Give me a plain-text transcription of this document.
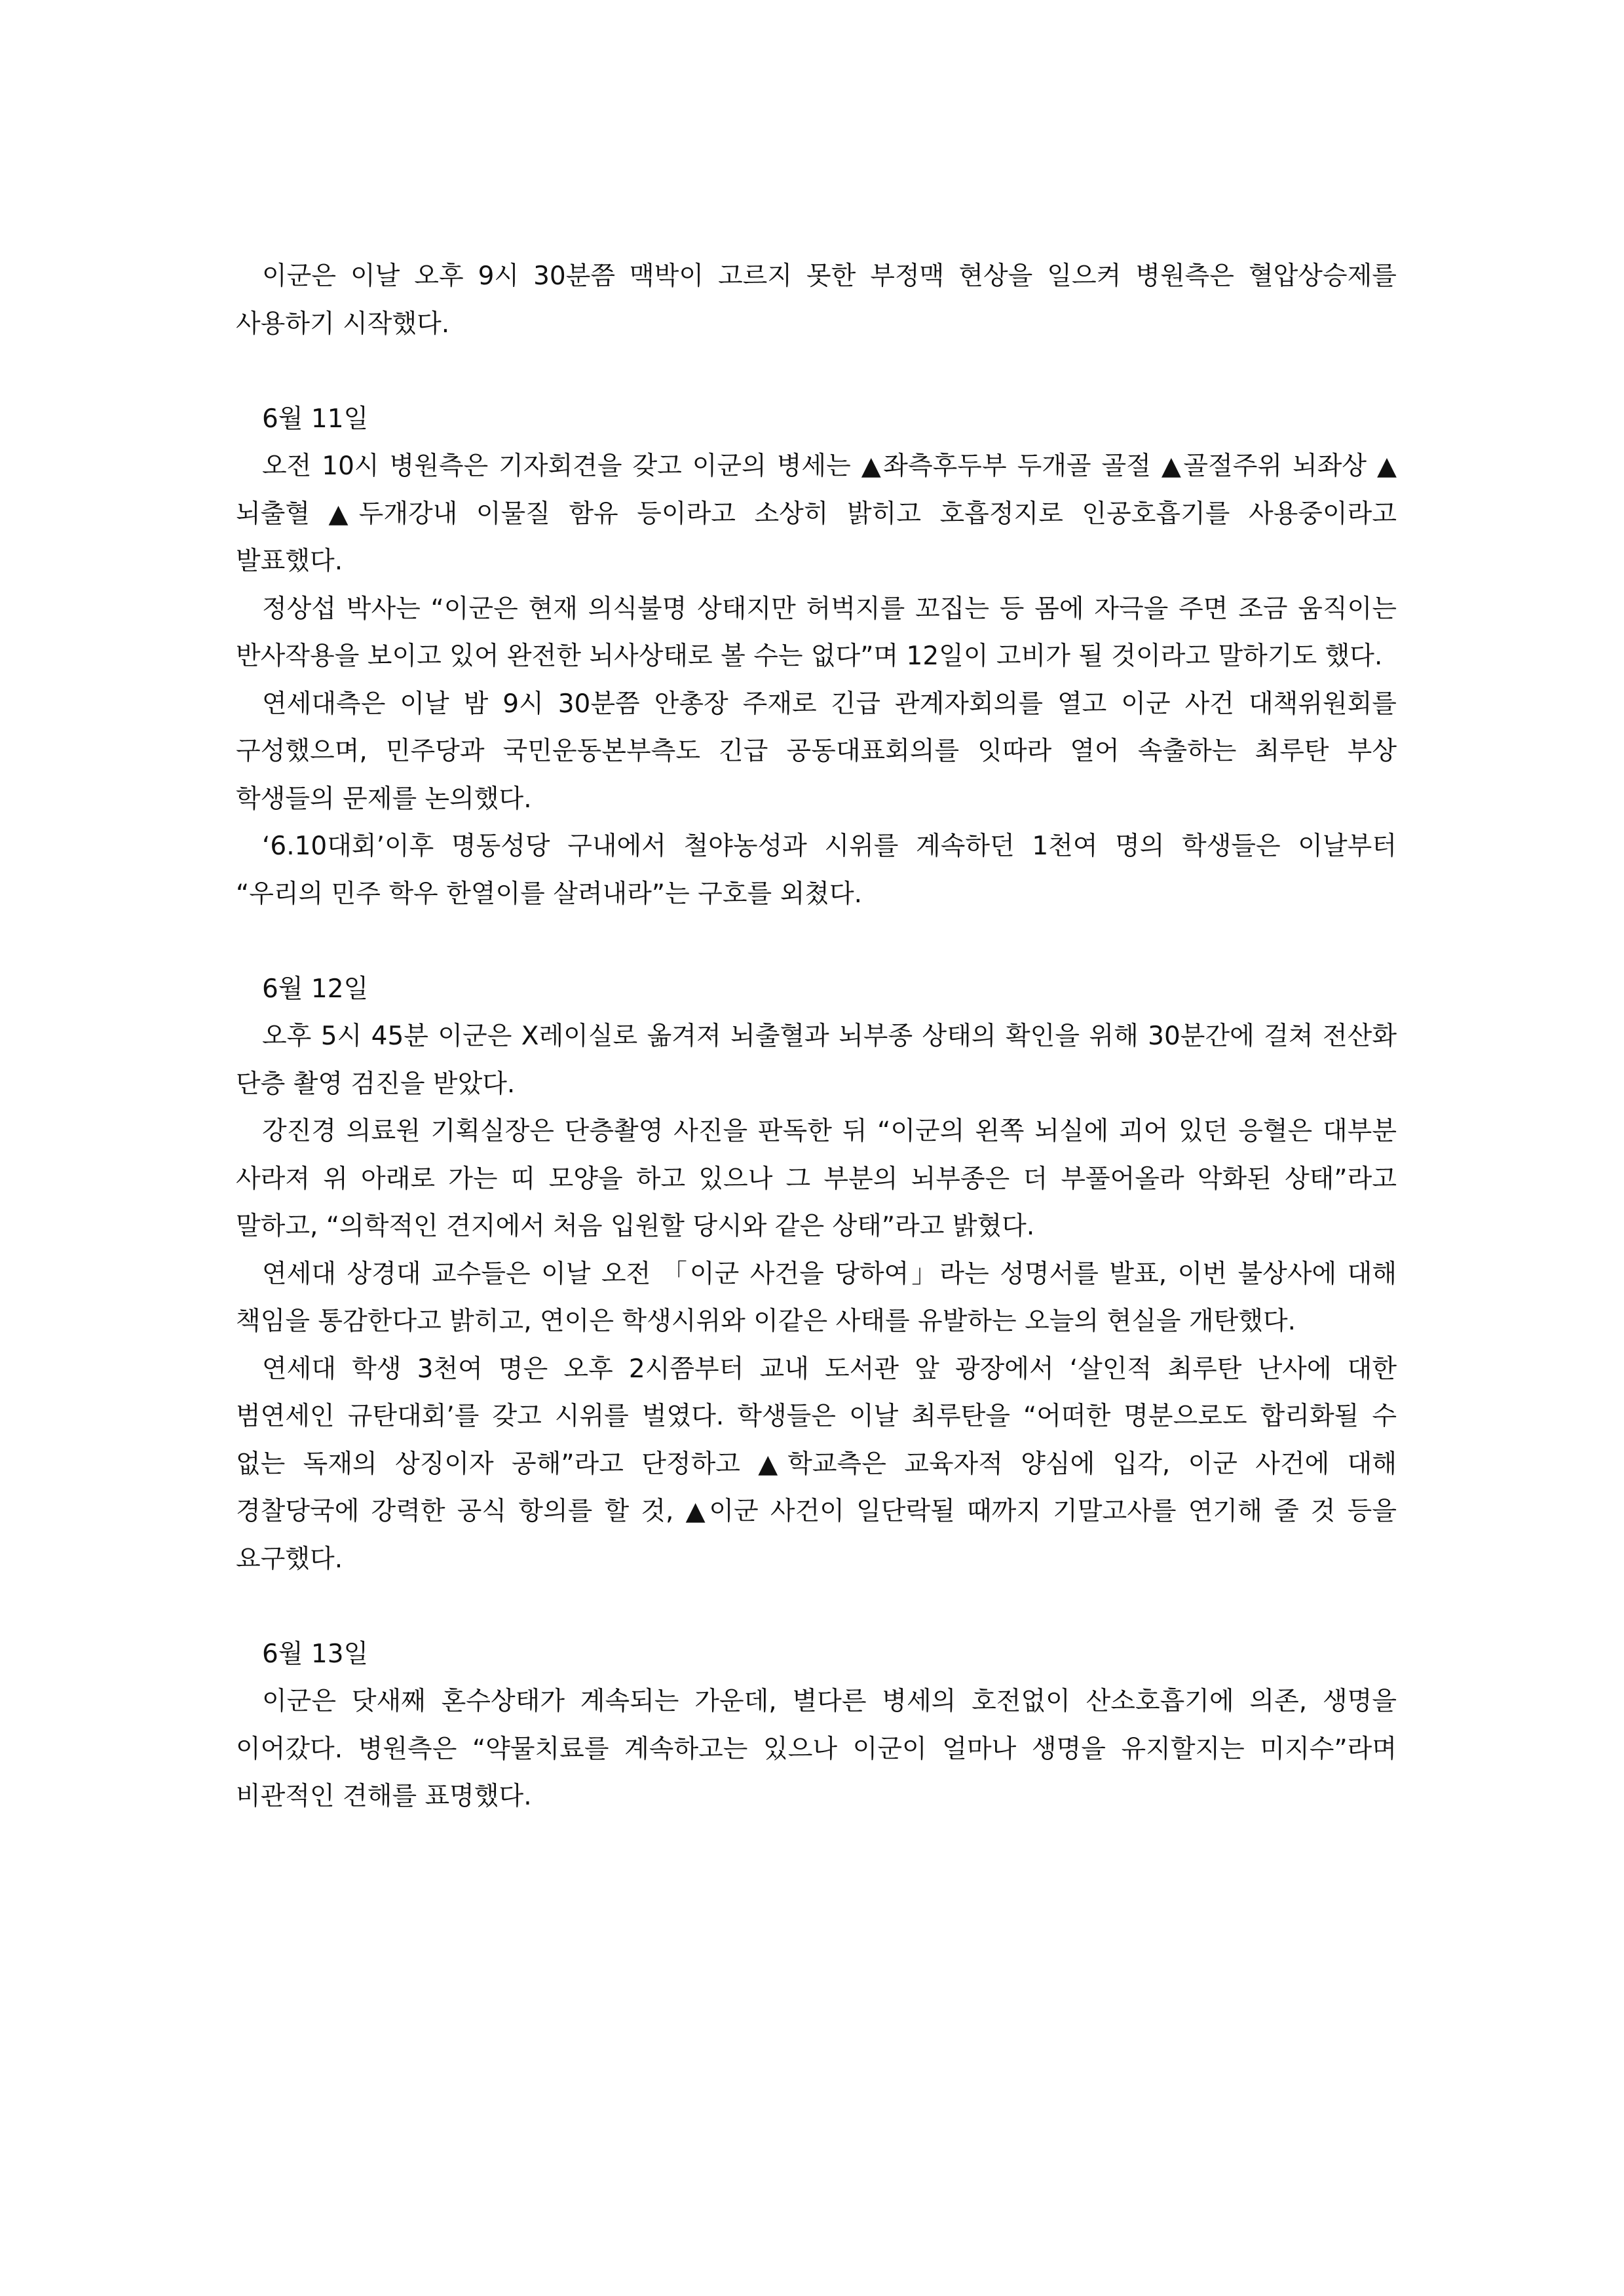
이군은 이날 오후 9시 30분쯤 맥박이 고르지 못한 부정맥 현상을 일으켜 병원측은 혈압상승제를 사용하기 시작했다.

6월 11일

오전 10시 병원측은 기자회견을 갖고 이군의 병세는 ▲좌측후두부 두개골 골절 ▲골절주위 뇌좌상 ▲뇌출혈 ▲두개강내 이물질 함유 등이라고 소상히 밝히고 호흡정지로 인공호흡기를 사용중이라고 발표했다.

정상섭 박사는 “이군은 현재 의식불명 상태지만 허벅지를 꼬집는 등 몸에 자극을 주면 조금 움직이는 반사작용을 보이고 있어 완전한 뇌사상태로 볼 수는 없다”며 12일이 고비가 될 것이라고 말하기도 했다.

연세대측은 이날 밤 9시 30분쯤 안총장 주재로 긴급 관계자회의를 열고 이군 사건 대책위원회를 구성했으며, 민주당과 국민운동본부측도 긴급 공동대표회의를 잇따라 열어 속출하는 최루탄 부상 학생들의 문제를 논의했다.

‘6.10대회’이후 명동성당 구내에서 철야농성과 시위를 계속하던 1천여 명의 학생들은 이날부터 “우리의 민주 학우 한열이를 살려내라”는 구호를 외쳤다.

6월 12일

오후 5시 45분 이군은 X레이실로 옮겨져 뇌출혈과 뇌부종 상태의 확인을 위해 30분간에 걸쳐 전산화 단층 촬영 검진을 받았다.

강진경 의료원 기획실장은 단층촬영 사진을 판독한 뒤 “이군의 왼쪽 뇌실에 괴어 있던 응혈은 대부분 사라져 위 아래로 가는 띠 모양을 하고 있으나 그 부분의 뇌부종은 더 부풀어올라 악화된 상태”라고 말하고, “의학적인 견지에서 처음 입원할 당시와 같은 상태”라고 밝혔다.

연세대 상경대 교수들은 이날 오전 「이군 사건을 당하여」라는 성명서를 발표, 이번 불상사에 대해 책임을 통감한다고 밝히고, 연이은 학생시위와 이같은 사태를 유발하는 오늘의 현실을 개탄했다.

연세대 학생 3천여 명은 오후 2시쯤부터 교내 도서관 앞 광장에서 ‘살인적 최루탄 난사에 대한 범연세인 규탄대회’를 갖고 시위를 벌였다. 학생들은 이날 최루탄을 “어떠한 명분으로도 합리화될 수 없는 독재의 상징이자 공해”라고 단정하고 ▲학교측은 교육자적 양심에 입각, 이군 사건에 대해 경찰당국에 강력한 공식 항의를 할 것, ▲이군 사건이 일단락될 때까지 기말고사를 연기해 줄 것 등을 요구했다.

6월 13일

이군은 닷새째 혼수상태가 계속되는 가운데, 별다른 병세의 호전없이 산소호흡기에 의존, 생명을 이어갔다. 병원측은 “약물치료를 계속하고는 있으나 이군이 얼마나 생명을 유지할지는 미지수”라며 비관적인 견해를 표명했다.
